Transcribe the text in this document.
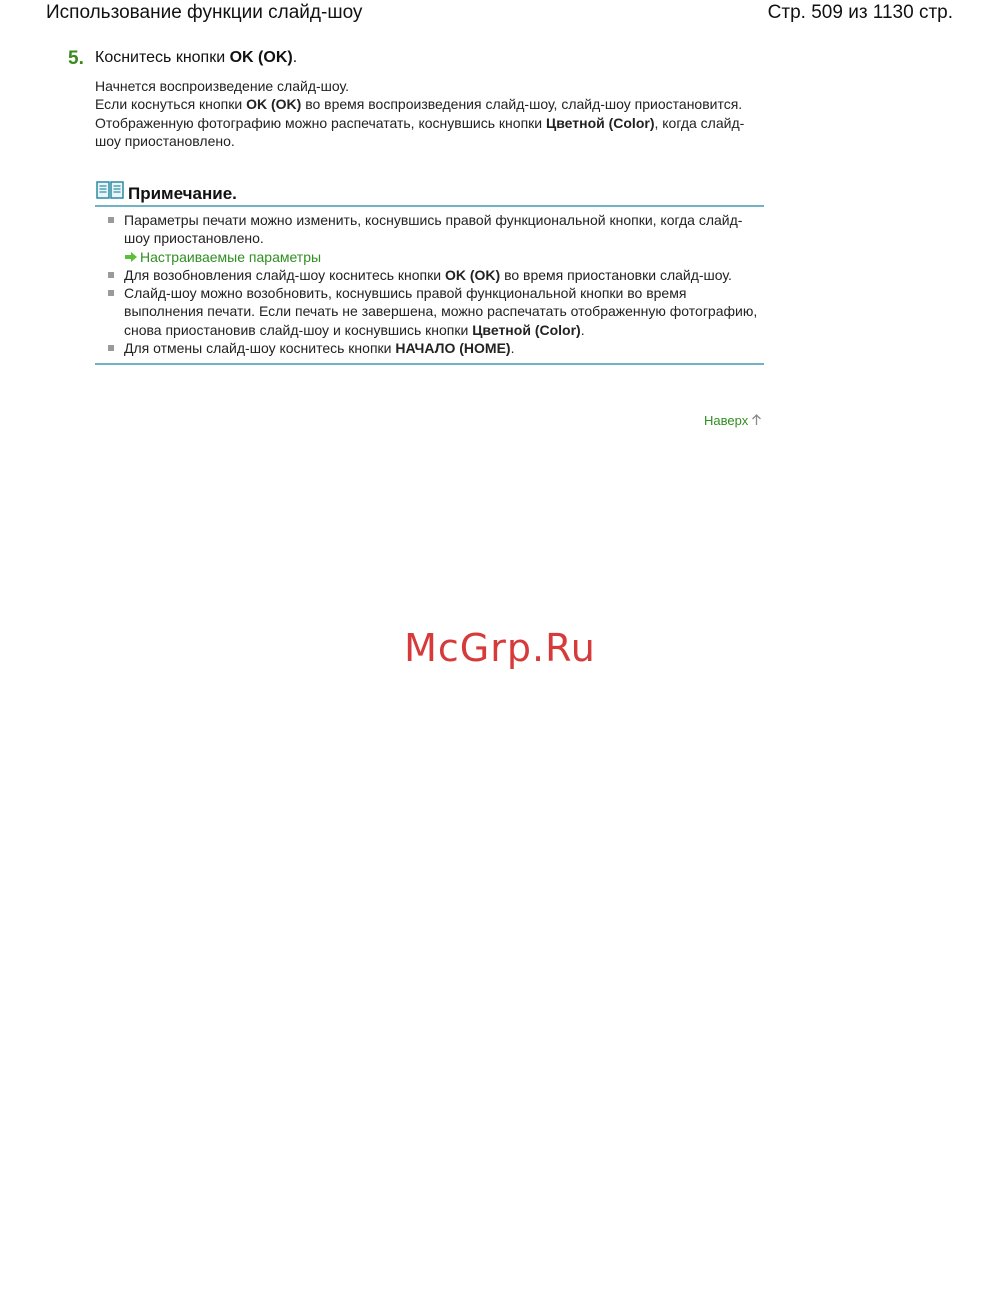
Использование функции слайд-шоу	Стр. 509 из 1130 стр.
5. Коснитесь кнопки OK (OK).
Начнется воспроизведение слайд-шоу.
Если коснуться кнопки OK (OK) во время воспроизведения слайд-шоу, слайд-шоу приостановится.
Отображенную фотографию можно распечатать, коснувшись кнопки Цветной (Color), когда слайд-шоу приостановлено.
Примечание.
Параметры печати можно изменить, коснувшись правой функциональной кнопки, когда слайд-шоу приостановлено.
Настраиваемые параметры
Для возобновления слайд-шоу коснитесь кнопки OK (OK) во время приостановки слайд-шоу.
Слайд-шоу можно возобновить, коснувшись правой функциональной кнопки во время выполнения печати. Если печать не завершена, можно распечатать отображенную фотографию, снова приостановив слайд-шоу и коснувшись кнопки Цветной (Color).
Для отмены слайд-шоу коснитесь кнопки НАЧАЛО (HOME).
Наверх
McGrp.Ru
